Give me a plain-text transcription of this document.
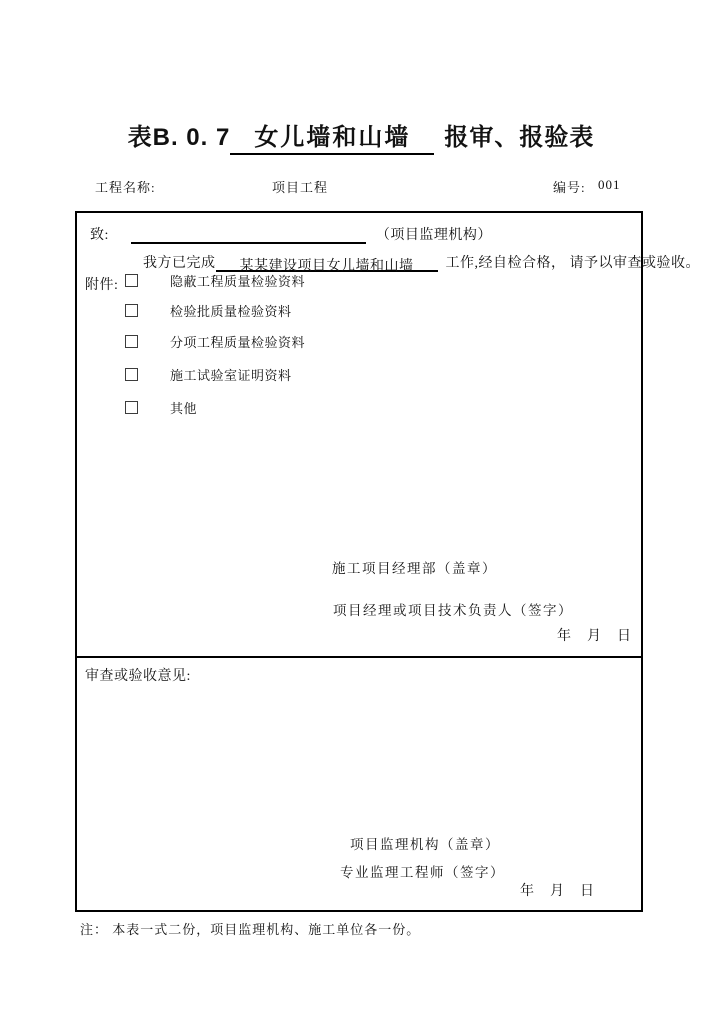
表B. 0. 7 女儿墙和山墙 报审、报验表
工程名称:	项目工程	编号: 001
致:	（项目监理机构）
我方已完成 某某建设项目女儿墙和山墙 工作,经自检合格， 请予以审查或验收。
附件:	隐蔽工程质量检验资料
检验批质量检验资料
分项工程质量检验资料
施工试验室证明资料
其他
施工项目经理部（盖章）
项目经理或项目技术负责人（签字）
年　月　日
审查或验收意见:
项目监理机构（盖章）
专业监理工程师（签字）
年　月　日
注： 本表一式二份，项目监理机构、施工单位各一份。
